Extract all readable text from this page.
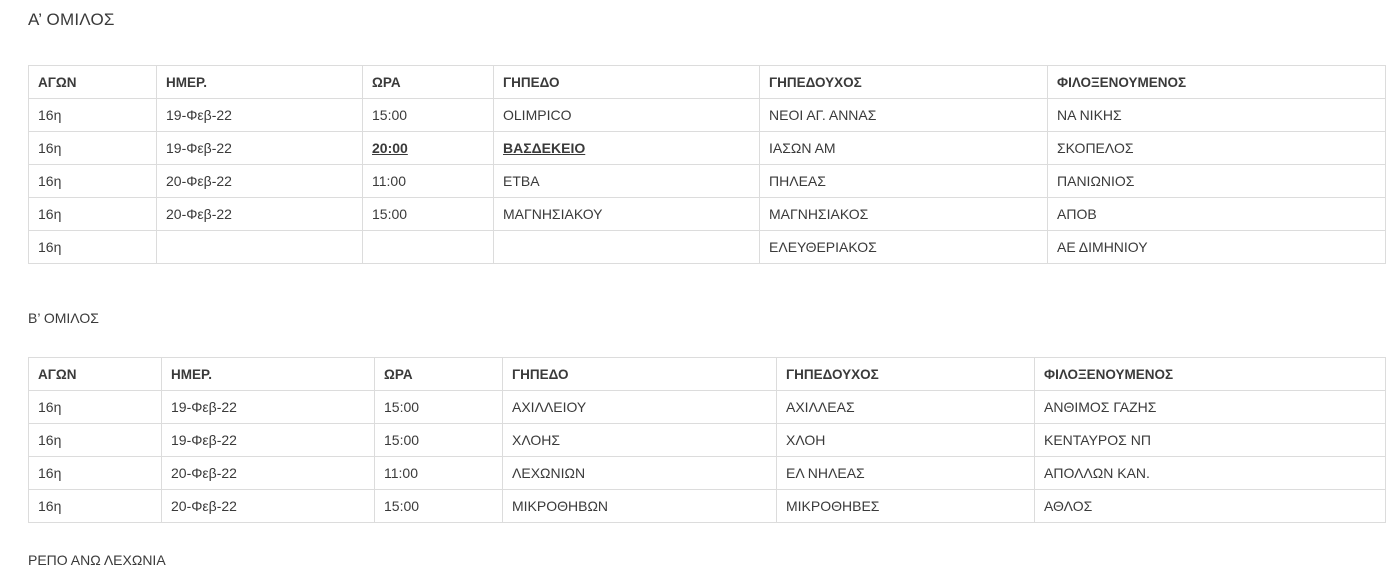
Α’ ΟΜΙΛΟΣ
ΑΓΩΝ	ΗΜΕΡ.	ΩΡΑ	ΓΗΠΕΔΟ	ΓΗΠΕΔΟΥΧΟΣ	ΦΙΛΟΞΕΝΟΥΜΕΝΟΣ
16η	19-Φεβ-22	15:00	OLIMPICO	ΝΕΟΙ ΑΓ. ΑΝΝΑΣ	ΝΑ ΝΙΚΗΣ
16η	19-Φεβ-22	20:00	ΒΑΣΔΕΚΕΙΟ	ΙΑΣΩΝ ΑΜ	ΣΚΟΠΕΛΟΣ
16η	20-Φεβ-22	11:00	ΕΤΒΑ	ΠΗΛΕΑΣ	ΠΑΝΙΩΝΙΟΣ
16η	20-Φεβ-22	15:00	ΜΑΓΝΗΣΙΑΚΟΥ	ΜΑΓΝΗΣΙΑΚΟΣ	ΑΠΟΒ
16η				ΕΛΕΥΘΕΡΙΑΚΟΣ	ΑΕ ΔΙΜΗΝΙΟΥ
Β’ ΟΜΙΛΟΣ
ΑΓΩΝ	ΗΜΕΡ.	ΩΡΑ	ΓΗΠΕΔΟ	ΓΗΠΕΔΟΥΧΟΣ	ΦΙΛΟΞΕΝΟΥΜΕΝΟΣ
16η	19-Φεβ-22	15:00	ΑΧΙΛΛΕΙΟΥ	ΑΧΙΛΛΕΑΣ	ΑΝΘΙΜΟΣ ΓΑΖΗΣ
16η	19-Φεβ-22	15:00	ΧΛΟΗΣ	ΧΛΟΗ	ΚΕΝΤΑΥΡΟΣ ΝΠ
16η	20-Φεβ-22	11:00	ΛΕΧΩΝΙΩΝ	ΕΛ ΝΗΛΕΑΣ	ΑΠΟΛΛΩΝ ΚΑΝ.
16η	20-Φεβ-22	15:00	ΜΙΚΡΟΘΗΒΩΝ	ΜΙΚΡΟΘΗΒΕΣ	ΑΘΛΟΣ
ΡΕΠΟ ΑΝΩ ΛΕΧΩΝΙΑ
